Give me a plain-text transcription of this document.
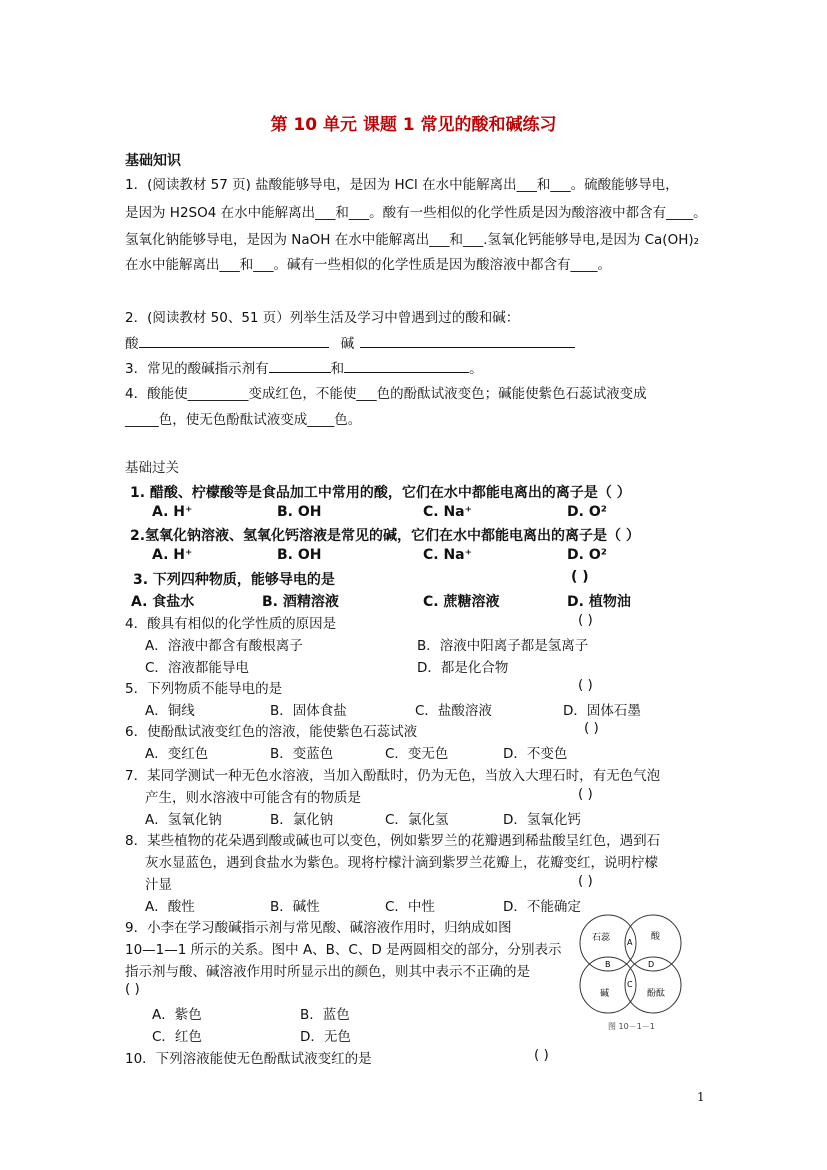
第 10 单元 课题 1 常见的酸和碱练习
基础知识
1．(阅读教材 57 页) 盐酸能够导电，是因为 HCl 在水中能解离出___和___。硫酸能够导电，
是因为 H2SO4 在水中能解离出___和___。酸有一些相似的化学性质是因为酸溶液中都含有____。
氢氧化钠能够导电，是因为 NaOH 在水中能解离出___和___.氢氧化钙能够导电,是因为 Ca(OH)₂
在水中能解离出___和___。碱有一些相似的化学性质是因为酸溶液中都含有____。
2．(阅读教材 50、51 页）列举生活及学习中曾遇到过的酸和碱：
酸	碱
3．常见的酸碱指示剂有	和	。
4．酸能使_________变成红色，不能使___色的酚酞试液变色；碱能使紫色石蕊试液变成
_____色，使无色酚酞试液变成____色。
基础过关
1. 醋酸、柠檬酸等是食品加工中常用的酸，它们在水中都能电离出的离子是（ ）
A. H⁺	B. OH	C. Na⁺	D. O²
2.氢氧化钠溶液、氢氧化钙溶液是常见的碱，它们在水中都能电离出的离子是（ ）
A. H⁺	B. OH	C. Na⁺	D. O²
3. 下列四种物质，能够导电的是	( )
A. 食盐水	B. 酒精溶液	C. 蔗糖溶液	D. 植物油
4．酸具有相似的化学性质的原因是	( )
A．溶液中都含有酸根离子	B．溶液中阳离子都是氢离子
C．溶液都能导电	D．都是化合物
5．下列物质不能导电的是	( )
A．铜线	B．固体食盐	C．盐酸溶液	D．固体石墨
6．使酚酞试液变红色的溶液，能使紫色石蕊试液	( )
A．变红色	B．变蓝色	C．变无色	D．不变色
7．某同学测试一种无色水溶液，当加入酚酞时，仍为无色，当放入大理石时，有无色气泡
产生，则水溶液中可能含有的物质是	( )
A．氢氧化钠	B．氯化钠	C．氯化氢	D．氢氧化钙
8．某些植物的花朵遇到酸或碱也可以变色，例如紫罗兰的花瓣遇到稀盐酸呈红色，遇到石
灰水显蓝色，遇到食盐水为紫色。现将柠檬汁滴到紫罗兰花瓣上，花瓣变红，说明柠檬
汁显	( )
A．酸性	B．碱性	C．中性	D．不能确定
9．小李在学习酸碱指示剂与常见酸、碱溶液作用时，归纳成如图
10—1—1 所示的关系。图中 A、B、C、D 是两圆相交的部分，分别表示
指示剂与酸、碱溶液作用时所显示出的颜色，则其中表示不正确的是
( )
A．紫色	B．蓝色
C．红色	D．无色
10．下列溶液能使无色酚酞试液变红的是	( )
石蕊	酸
碱	酚酞
A
B
C
D
图 10－1－1
1
